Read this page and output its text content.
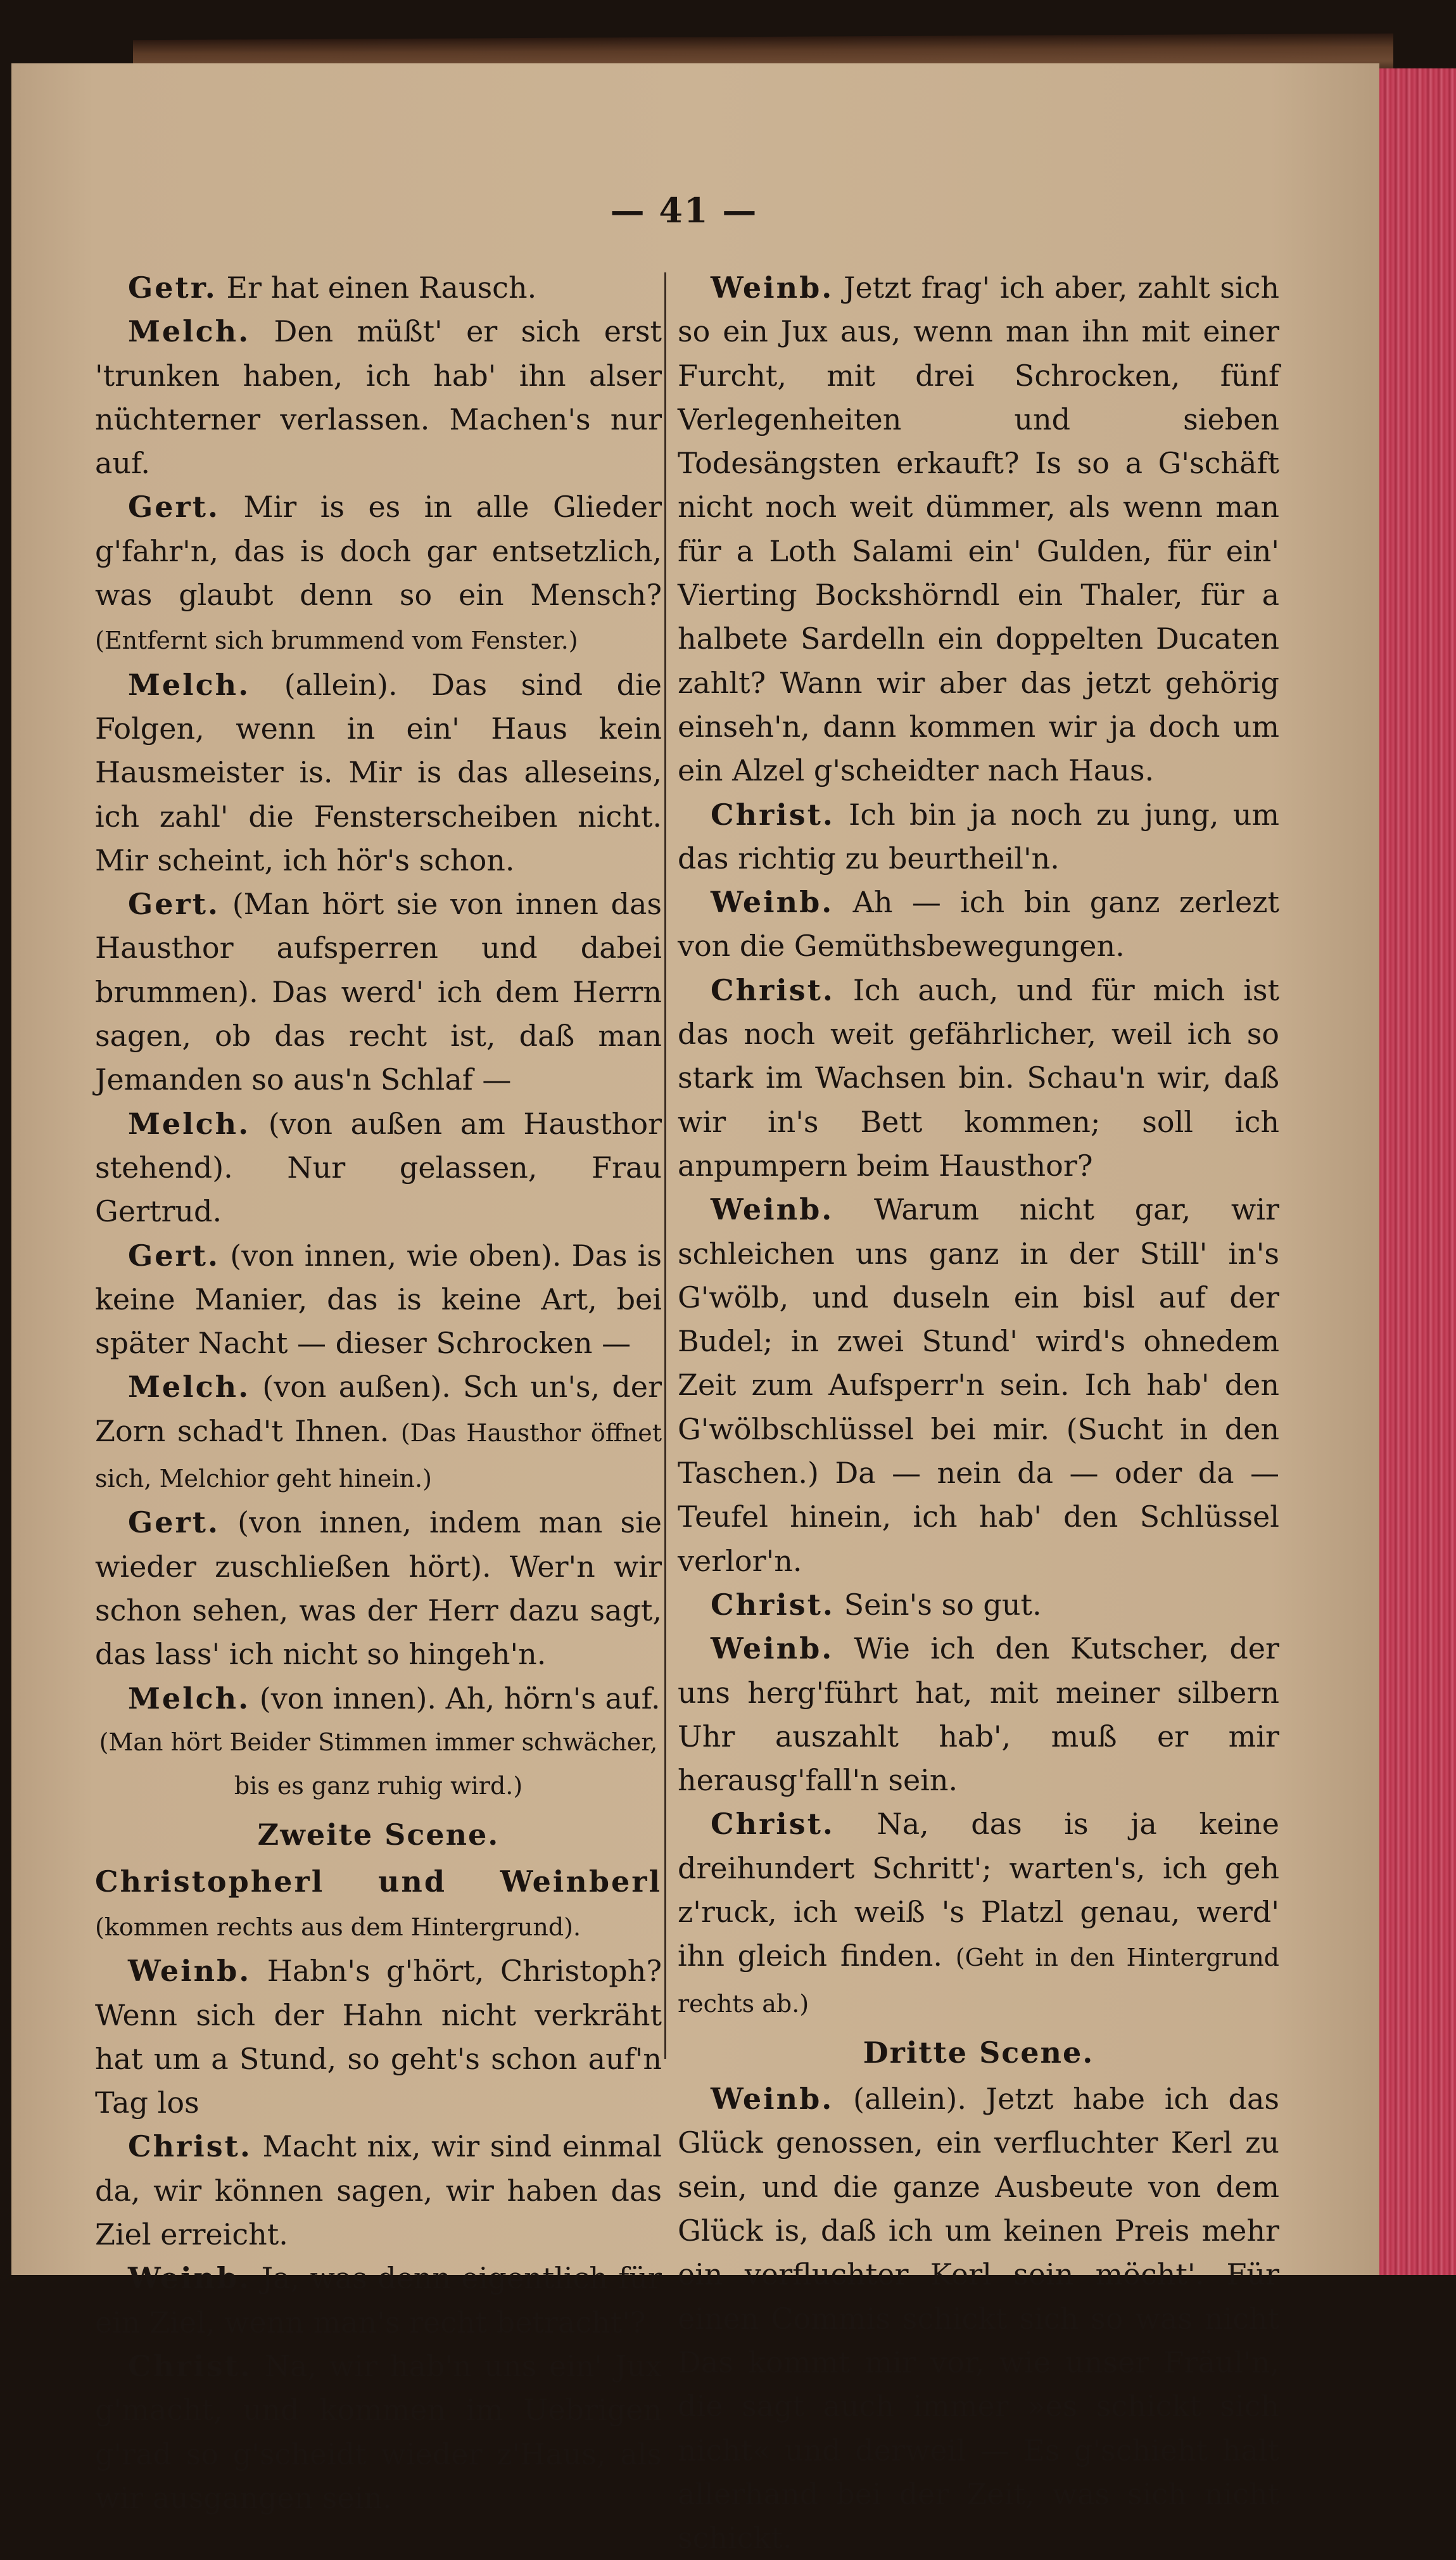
— 41 —

Getr. Er hat einen Rausch.

Melch. Den müßt' er sich erst 'trunken haben, ich hab' ihn alser nüchterner verlassen. Machen's nur auf.

Gert. Mir is es in alle Glieder g'fahr'n, das is doch gar entsetzlich, was glaubt denn so ein Mensch? (Entfernt sich brummend vom Fenster.)

Melch. (allein). Das sind die Folgen, wenn in ein' Haus kein Hausmeister is. Mir is das alleseins, ich zahl' die Fensterscheiben nicht. Mir scheint, ich hör's schon.

Gert. (Man hört sie von innen das Hausthor aufsperren und dabei brummen). Das werd' ich dem Herrn sagen, ob das recht ist, daß man Jemanden so aus'n Schlaf —

Melch. (von außen am Hausthor stehend). Nur gelassen, Frau Gertrud.

Gert. (von innen, wie oben). Das is keine Manier, das is keine Art, bei später Nacht — dieser Schrocken —

Melch. (von außen). Sch un's, der Zorn schad't Ihnen. (Das Hausthor öffnet sich, Melchior geht hinein.)

Gert. (von innen, indem man sie wieder zuschließen hört). Wer'n wir schon sehen, was der Herr dazu sagt, das lass' ich nicht so hingeh'n.

Melch. (von innen). Ah, hörn's auf.

(Man hört Beider Stimmen immer schwächer, bis es ganz ruhig wird.)

Zweite Scene.

Christopherl und Weinberl (kommen rechts aus dem Hintergrund).

Weinb. Habn's g'hört, Christoph? Wenn sich der Hahn nicht verkräht hat um a Stund, so geht's schon auf'n Tag los

Christ. Macht nix, wir sind einmal da, wir können sagen, wir haben das Ziel erreicht.

Weinb. Ja, was denn eigentlich für ein Ziel, wenn man's recht betracht'?

Christ. Na, wir hab'n uns ein' Jux g'macht, und kommen im Uebrigen g'rad so g'scheidt wieder z'Haus, als wir ausgangen sein.

Weinb. Jetzt frag' ich aber, zahlt sich so ein Jux aus, wenn man ihn mit einer Furcht, mit drei Schrocken, fünf Verlegenheiten und sieben Todesängsten erkauft? Is so a G'schäft nicht noch weit dümmer, als wenn man für a Loth Salami ein' Gulden, für ein' Vierting Bockshörndl ein Thaler, für a halbete Sardelln ein doppelten Ducaten zahlt? Wann wir aber das jetzt gehörig einseh'n, dann kommen wir ja doch um ein Alzel g'scheidter nach Haus.

Christ. Ich bin ja noch zu jung, um das richtig zu beurtheil'n.

Weinb. Ah — ich bin ganz zerlezt von die Gemüthsbewegungen.

Christ. Ich auch, und für mich ist das noch weit gefährlicher, weil ich so stark im Wachsen bin. Schau'n wir, daß wir in's Bett kommen; soll ich anpumpern beim Hausthor?

Weinb. Warum nicht gar, wir schleichen uns ganz in der Still' in's G'wölb, und duseln ein bisl auf der Budel; in zwei Stund' wird's ohnedem Zeit zum Aufsperr'n sein. Ich hab' den G'wölbschlüssel bei mir. (Sucht in den Taschen.) Da — nein da — oder da — Teufel hinein, ich hab' den Schlüssel verlor'n.

Christ. Sein's so gut.

Weinb. Wie ich den Kutscher, der uns herg'führt hat, mit meiner silbern Uhr auszahlt hab', muß er mir herausg'fall'n sein.

Christ. Na, das is ja keine dreihundert Schritt'; warten's, ich geh z'ruck, ich weiß 's Platzl genau, werd' ihn gleich finden. (Geht in den Hintergrund rechts ab.)

Dritte Scene.

Weinb. (allein). Jetzt habe ich das Glück genossen, ein verfluchter Kerl zu sein, und die ganze Ausbeute von dem Glück is, daß ich um keinen Preis mehr ein verfluchter Kerl sein möcht'. Für einen Commis schickt sich so was nicht Das kommt mir vor, wie unser Fräul'n, die sagt auch immer »es schickt sich nicht« und derweil — Es g'schieht halt allerhand bei der Zeit, was sich nicht schickt.
